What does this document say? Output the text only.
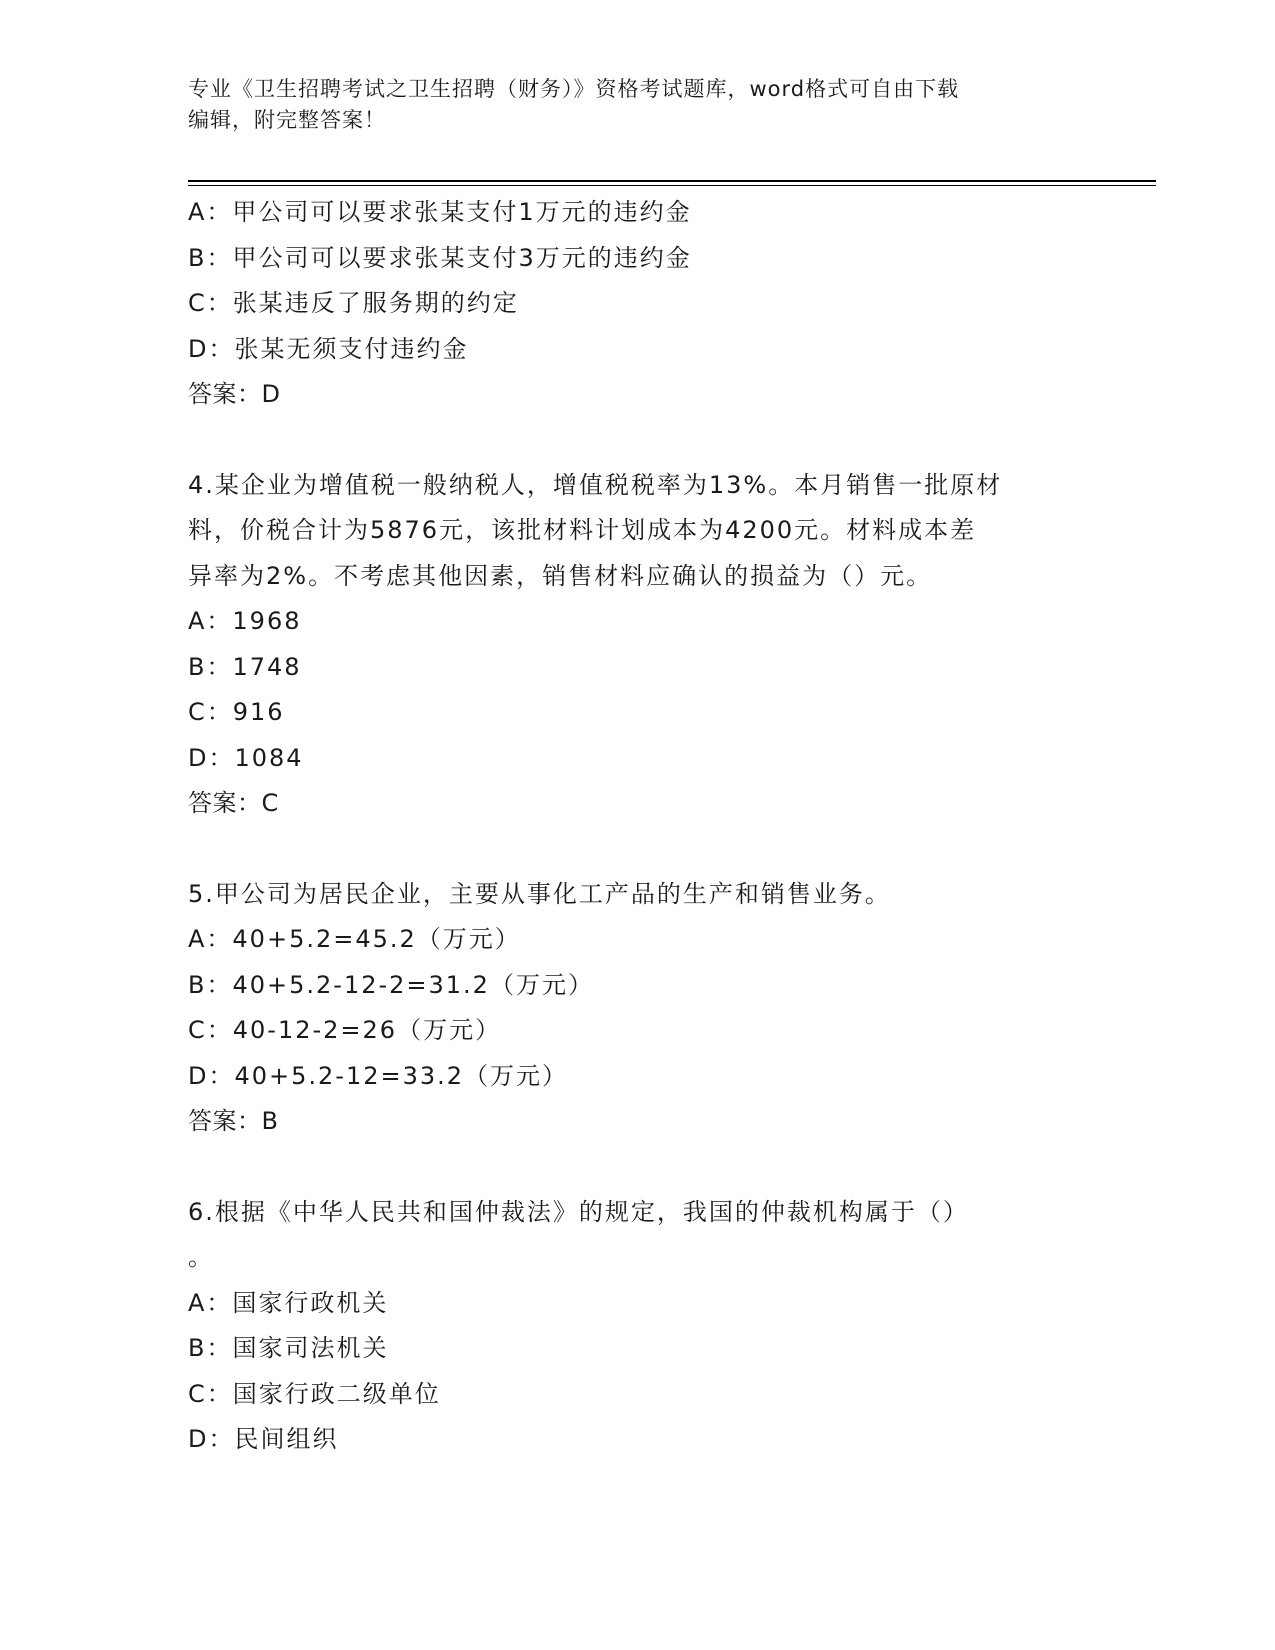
专业《卫生招聘考试之卫生招聘（财务）》资格考试题库，word格式可自由下载
编辑，附完整答案！
A：甲公司可以要求张某支付1万元的违约金
B：甲公司可以要求张某支付3万元的违约金
C：张某违反了服务期的约定
D：张某无须支付违约金
答案：D
4.某企业为增值税一般纳税人，增值税税率为13%。本月销售一批原材
料，价税合计为5876元，该批材料计划成本为4200元。材料成本差
异率为2%。不考虑其他因素，销售材料应确认的损益为（）元。
A：1968
B：1748
C：916
D：1084
答案：C
5.甲公司为居民企业，主要从事化工产品的生产和销售业务。
A：40+5.2=45.2（万元）
B：40+5.2-12-2=31.2（万元）
C：40-12-2=26（万元）
D：40+5.2-12=33.2（万元）
答案：B
6.根据《中华人民共和国仲裁法》的规定，我国的仲裁机构属于（）
。
A：国家行政机关
B：国家司法机关
C：国家行政二级单位
D：民间组织
